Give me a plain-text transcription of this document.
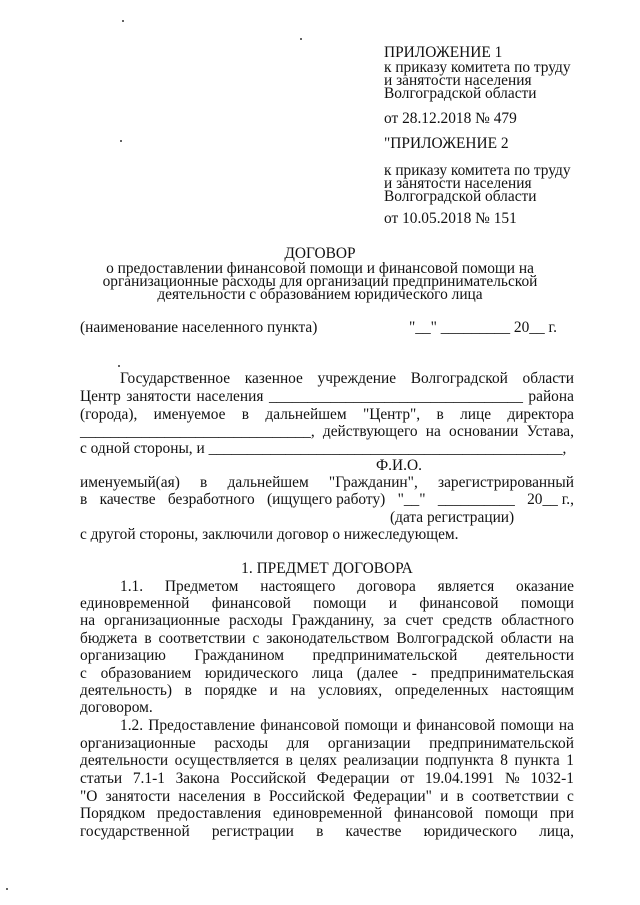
ПРИЛОЖЕНИЕ 1
к приказу комитета по труду
и занятости населения
Волгоградской области
от 28.12.2018 № 479
"ПРИЛОЖЕНИЕ 2
к приказу комитета по труду
и занятости населения
Волгоградской области
от 10.05.2018 № 151
ДОГОВОР
о предоставлении финансовой помощи и финансовой помощи на
организационные расходы для организации предпринимательской
деятельности с образованием юридического лица
(наименование населенного пункта)	"__" _________ 20__ г.
Государственное казенное учреждение Волгоградской области
Центр занятости населения _________________________________ района
(города), именуемое в дальнейшем "Центр", в лице директора
______________________________, действующего на основании Устава,
с одной стороны, и ______________________________________________,
Ф.И.О.
именуемый(ая) в дальнейшем "Гражданин", зарегистрированный
в качестве безработного (ищущего работу) "__" __________ 20__ г.,
(дата регистрации)
с другой стороны, заключили договор о нижеследующем.
1. ПРЕДМЕТ ДОГОВОРА
1.1. Предметом настоящего договора является оказание
единовременной финансовой помощи и финансовой помощи
на организационные расходы Гражданину, за счет средств областного
бюджета в соответствии с законодательством Волгоградской области на
организацию Гражданином предпринимательской деятельности
с образованием юридического лица (далее - предпринимательская
деятельность) в порядке и на условиях, определенных настоящим
договором.
1.2. Предоставление финансовой помощи и финансовой помощи на
организационные расходы для организации предпринимательской
деятельности осуществляется в целях реализации подпункта 8 пункта 1
статьи 7.1-1 Закона Российской Федерации от 19.04.1991 № 1032-1
"О занятости населения в Российской Федерации" и в соответствии с
Порядком предоставления единовременной финансовой помощи при
государственной регистрации в качестве юридического лица,
